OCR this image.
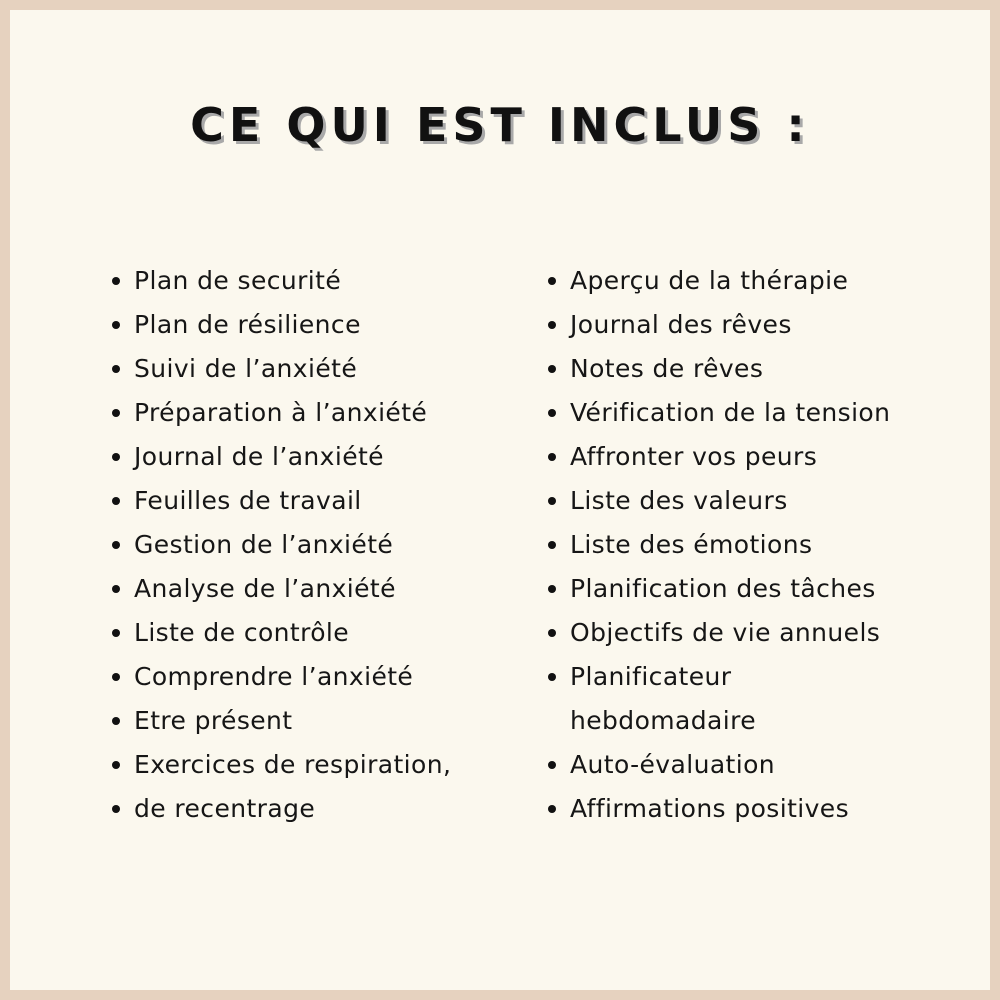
CE QUI EST INCLUS :
Plan de securité
Plan de résilience
Suivi de l’anxiété
Préparation à l’anxiété
Journal de l’anxiété
Feuilles de travail
Gestion de l’anxiété
Analyse de l’anxiété
Liste de contrôle
Comprendre l’anxiété
Etre présent
Exercices de respiration,
de recentrage
Aperçu de la thérapie
Journal des rêves
Notes de rêves
Vérification de la tension
Affronter vos peurs
Liste des valeurs
Liste des émotions
Planification des tâches
Objectifs de vie annuels
Planificateur
hebdomadaire
Auto-évaluation
Affirmations positives
